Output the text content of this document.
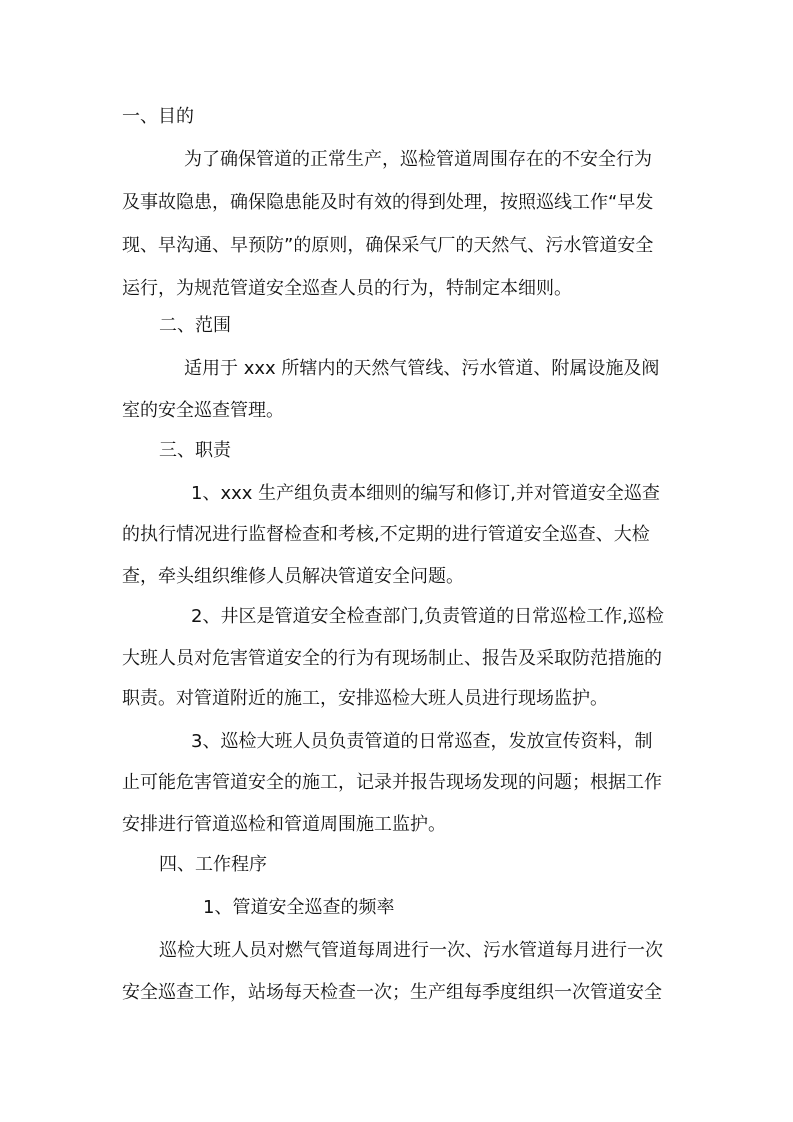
一、目的
为了确保管道的正常生产，巡检管道周围存在的不安全行为
及事故隐患，确保隐患能及时有效的得到处理，按照巡线工作“早发
现、早沟通、早预防”的原则，确保采气厂的天然气、污水管道安全
运行，为规范管道安全巡查人员的行为，特制定本细则。
二、范围
适用于 xxx 所辖内的天然气管线、污水管道、附属设施及阀
室的安全巡查管理。
三、职责
1、xxx 生产组负责本细则的编写和修订,并对管道安全巡查
的执行情况进行监督检查和考核,不定期的进行管道安全巡查、大检
查，牵头组织维修人员解决管道安全问题。
2、井区是管道安全检查部门,负责管道的日常巡检工作,巡检
大班人员对危害管道安全的行为有现场制止、报告及采取防范措施的
职责。对管道附近的施工，安排巡检大班人员进行现场监护。
3、巡检大班人员负责管道的日常巡查，发放宣传资料，制
止可能危害管道安全的施工，记录并报告现场发现的问题；根据工作
安排进行管道巡检和管道周围施工监护。
四、工作程序
1、管道安全巡查的频率
巡检大班人员对燃气管道每周进行一次、污水管道每月进行一次
安全巡查工作，站场每天检查一次；生产组每季度组织一次管道安全
